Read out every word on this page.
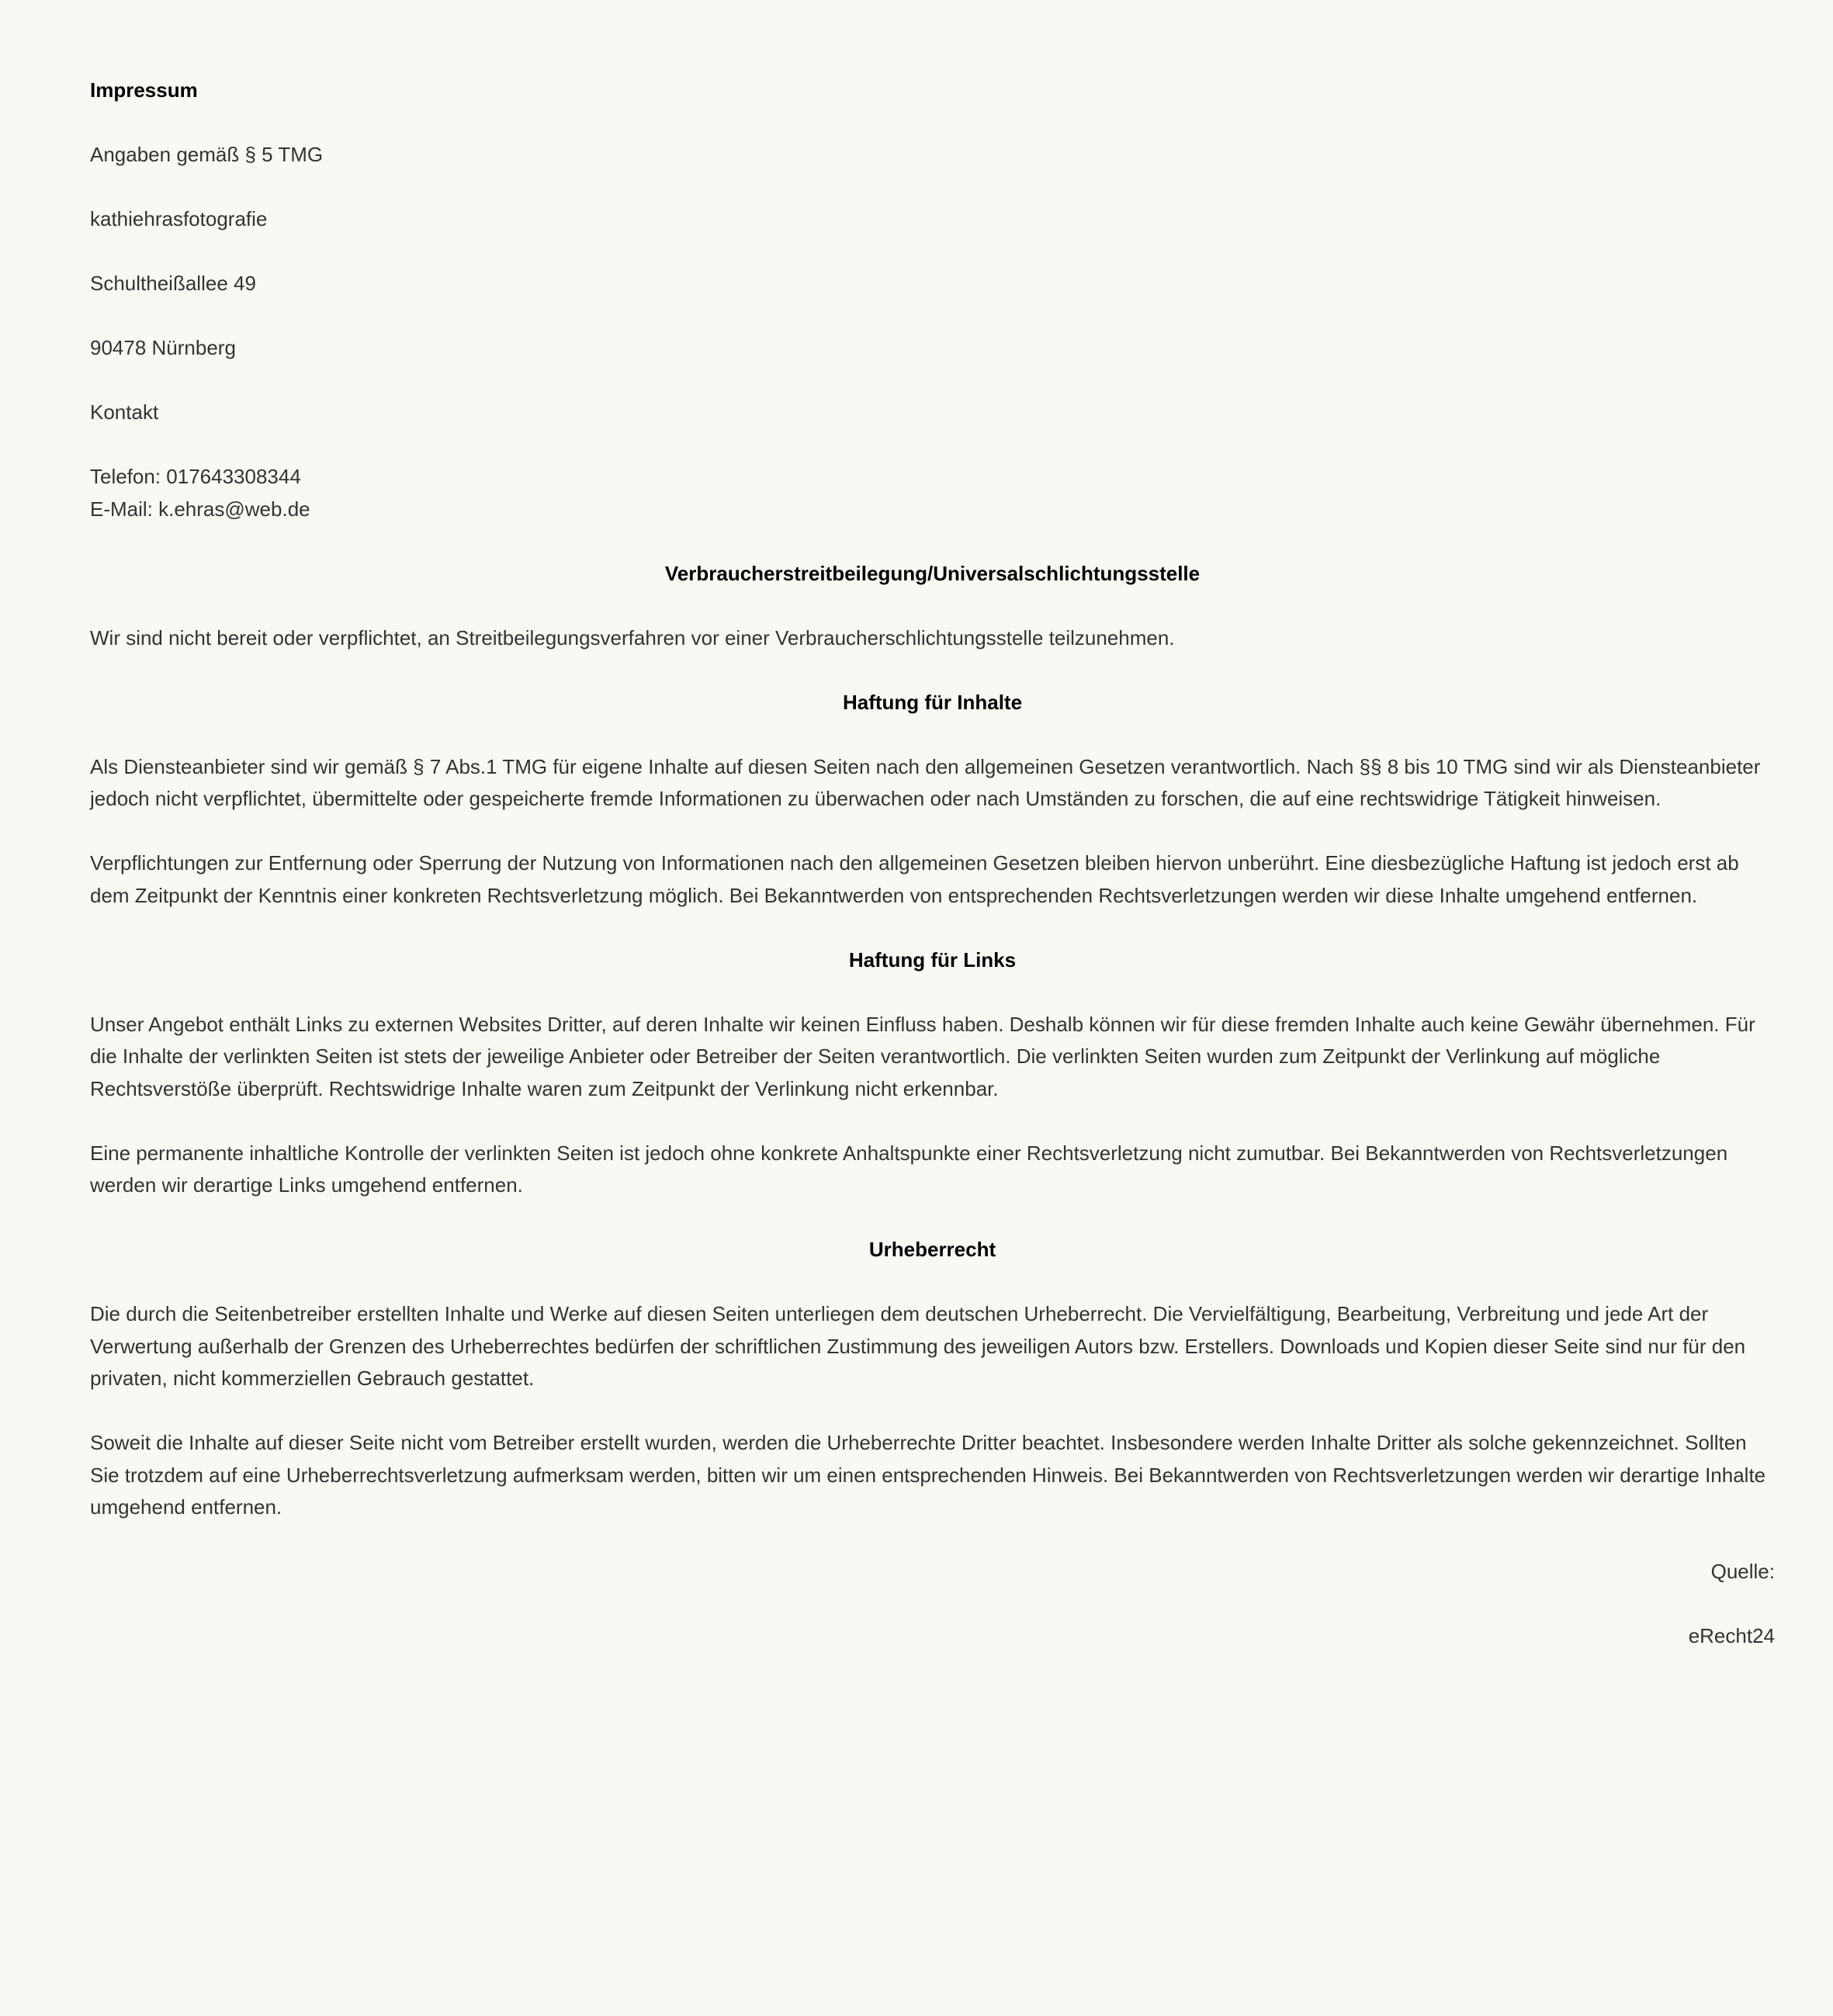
Impressum

Angaben gemäß § 5 TMG

kathiehrasfotografie

Schultheißallee 49

90478 Nürnberg

Kontakt

Telefon: 017643308344
E-Mail: k.ehras@web.de

Verbraucherstreitbeilegung/Universalschlichtungsstelle

Wir sind nicht bereit oder verpflichtet, an Streitbeilegungsverfahren vor einer Verbraucherschlichtungsstelle teilzunehmen.

Haftung für Inhalte

Als Diensteanbieter sind wir gemäß § 7 Abs.1 TMG für eigene Inhalte auf diesen Seiten nach den allgemeinen Gesetzen verantwortlich. Nach §§ 8 bis 10 TMG sind wir als Diensteanbieter jedoch nicht verpflichtet, übermittelte oder gespeicherte fremde Informationen zu überwachen oder nach Umständen zu forschen, die auf eine rechtswidrige Tätigkeit hinweisen.

Verpflichtungen zur Entfernung oder Sperrung der Nutzung von Informationen nach den allgemeinen Gesetzen bleiben hiervon unberührt. Eine diesbezügliche Haftung ist jedoch erst ab dem Zeitpunkt der Kenntnis einer konkreten Rechtsverletzung möglich. Bei Bekanntwerden von entsprechenden Rechtsverletzungen werden wir diese Inhalte umgehend entfernen.

Haftung für Links

Unser Angebot enthält Links zu externen Websites Dritter, auf deren Inhalte wir keinen Einfluss haben. Deshalb können wir für diese fremden Inhalte auch keine Gewähr übernehmen. Für die Inhalte der verlinkten Seiten ist stets der jeweilige Anbieter oder Betreiber der Seiten verantwortlich. Die verlinkten Seiten wurden zum Zeitpunkt der Verlinkung auf mögliche Rechtsverstöße überprüft. Rechtswidrige Inhalte waren zum Zeitpunkt der Verlinkung nicht erkennbar.

Eine permanente inhaltliche Kontrolle der verlinkten Seiten ist jedoch ohne konkrete Anhaltspunkte einer Rechtsverletzung nicht zumutbar. Bei Bekanntwerden von Rechtsverletzungen werden wir derartige Links umgehend entfernen.

Urheberrecht

Die durch die Seitenbetreiber erstellten Inhalte und Werke auf diesen Seiten unterliegen dem deutschen Urheberrecht. Die Vervielfältigung, Bearbeitung, Verbreitung und jede Art der Verwertung außerhalb der Grenzen des Urheberrechtes bedürfen der schriftlichen Zustimmung des jeweiligen Autors bzw. Erstellers. Downloads und Kopien dieser Seite sind nur für den privaten, nicht kommerziellen Gebrauch gestattet.

Soweit die Inhalte auf dieser Seite nicht vom Betreiber erstellt wurden, werden die Urheberrechte Dritter beachtet. Insbesondere werden Inhalte Dritter als solche gekennzeichnet. Sollten Sie trotzdem auf eine Urheberrechtsverletzung aufmerksam werden, bitten wir um einen entsprechenden Hinweis. Bei Bekanntwerden von Rechtsverletzungen werden wir derartige Inhalte umgehend entfernen.

Quelle:

eRecht24
